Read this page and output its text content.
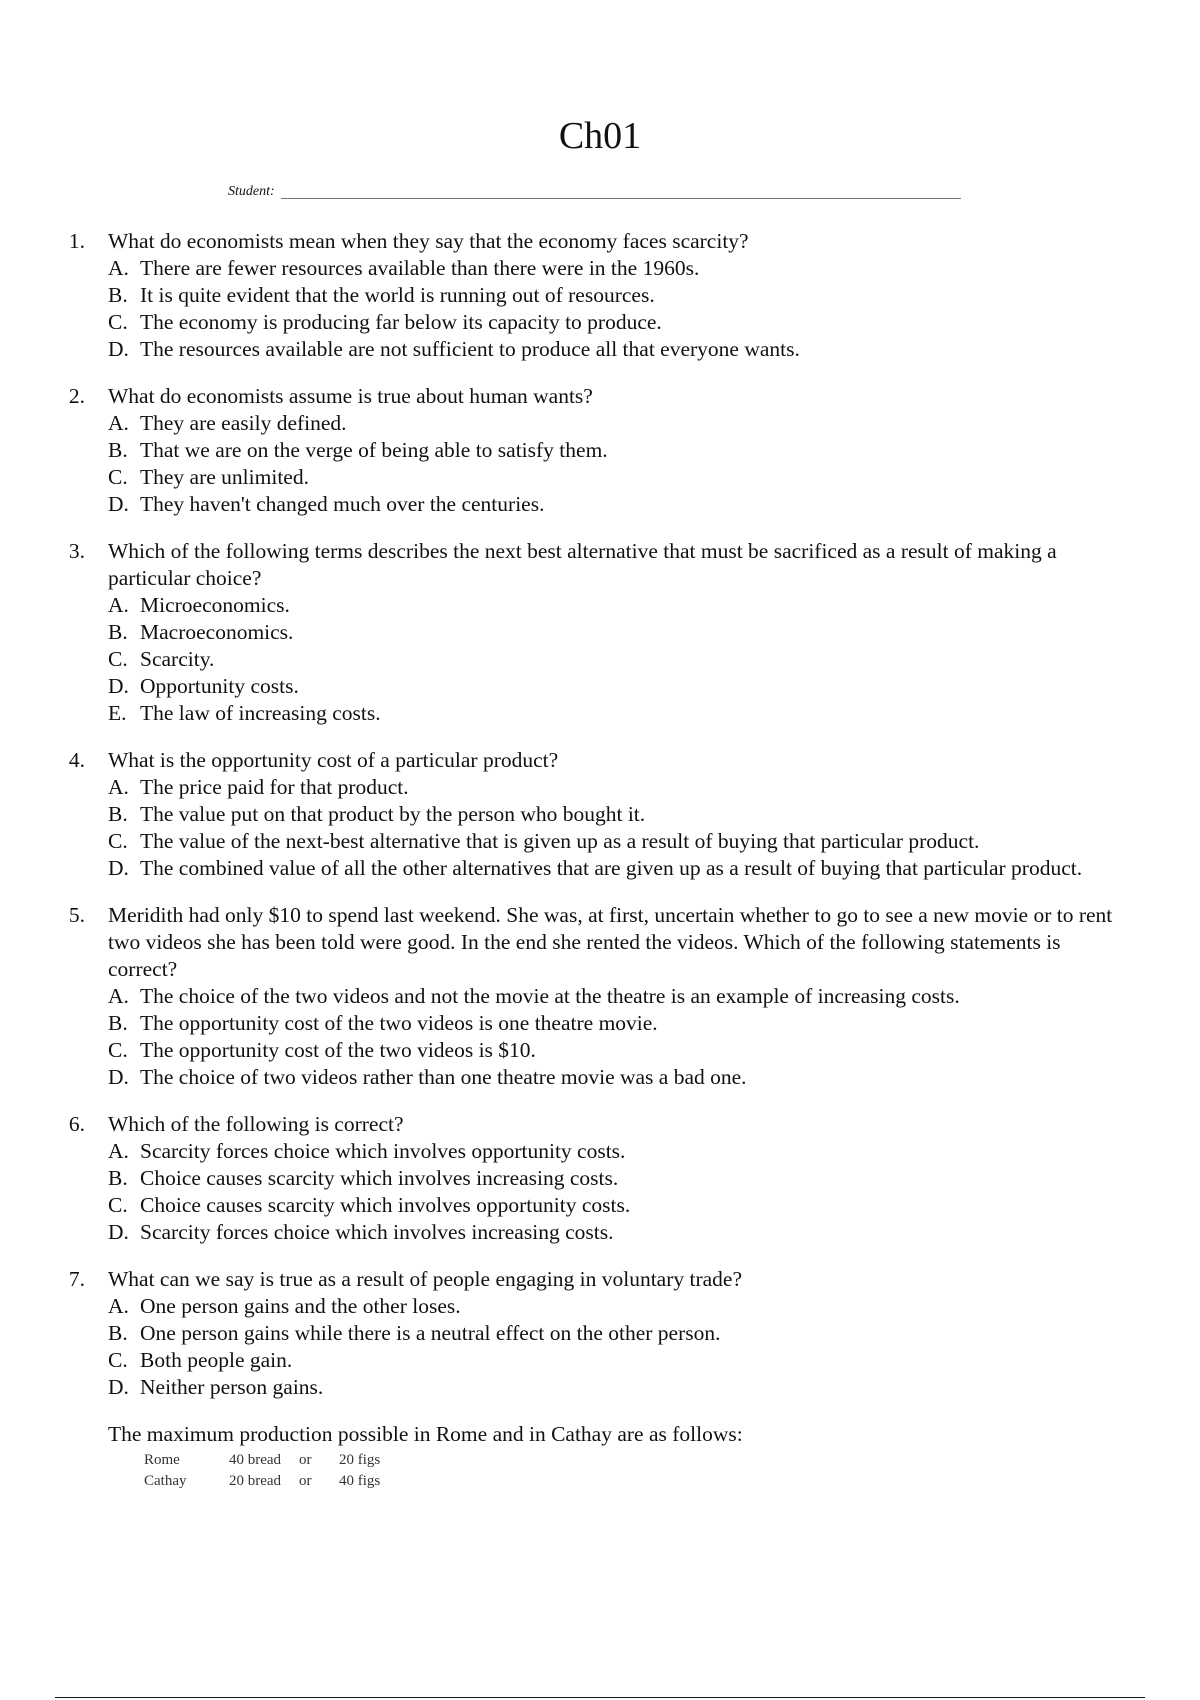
Ch01
Student:
1.	What do economists mean when they say that the economy faces scarcity?
A. There are fewer resources available than there were in the 1960s.
B. It is quite evident that the world is running out of resources.
C. The economy is producing far below its capacity to produce.
D. The resources available are not sufficient to produce all that everyone wants.
2.	What do economists assume is true about human wants?
A. They are easily defined.
B. That we are on the verge of being able to satisfy them.
C. They are unlimited.
D. They haven't changed much over the centuries.
3.	Which of the following terms describes the next best alternative that must be sacrificed as a result of making a particular choice?
A. Microeconomics.
B. Macroeconomics.
C. Scarcity.
D. Opportunity costs.
E. The law of increasing costs.
4.	What is the opportunity cost of a particular product?
A. The price paid for that product.
B. The value put on that product by the person who bought it.
C. The value of the next-best alternative that is given up as a result of buying that particular product.
D. The combined value of all the other alternatives that are given up as a result of buying that particular product.
5.	Meridith had only $10 to spend last weekend. She was, at first, uncertain whether to go to see a new movie or to rent two videos she has been told were good. In the end she rented the videos. Which of the following statements is correct?
A. The choice of the two videos and not the movie at the theatre is an example of increasing costs.
B. The opportunity cost of the two videos is one theatre movie.
C. The opportunity cost of the two videos is $10.
D. The choice of two videos rather than one theatre movie was a bad one.
6.	Which of the following is correct?
A. Scarcity forces choice which involves opportunity costs.
B. Choice causes scarcity which involves increasing costs.
C. Choice causes scarcity which involves opportunity costs.
D. Scarcity forces choice which involves increasing costs.
7.	What can we say is true as a result of people engaging in voluntary trade?
A. One person gains and the other loses.
B. One person gains while there is a neutral effect on the other person.
C. Both people gain.
D. Neither person gains.
The maximum production possible in Rome and in Cathay are as follows:
Rome	40 bread	or	20 figs
Cathay	20 bread	or	40 figs
